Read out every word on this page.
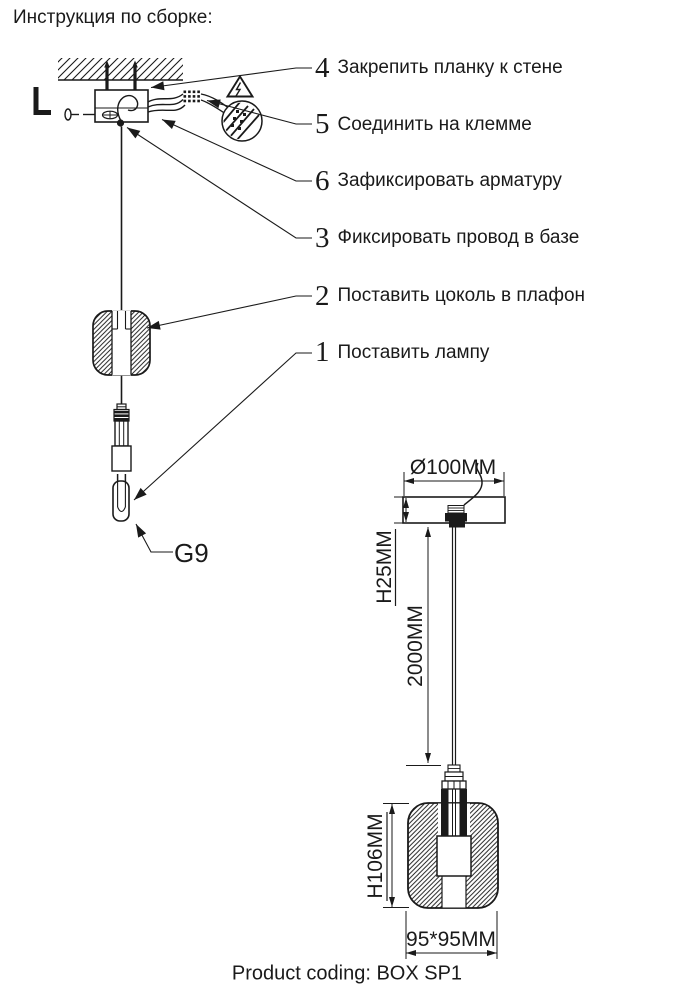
Инструкция по сборке:
4 Закрепить планку к стене
5 Соединить на клемме
6 Зафиксировать арматуру
3 Фиксировать провод в базе
2 Поставить цоколь в плафон
1 Поставить лампу
G9
Ø100MM
H25MM
2000MM
H106MM
95*95MM
Product coding: BOX SP1
